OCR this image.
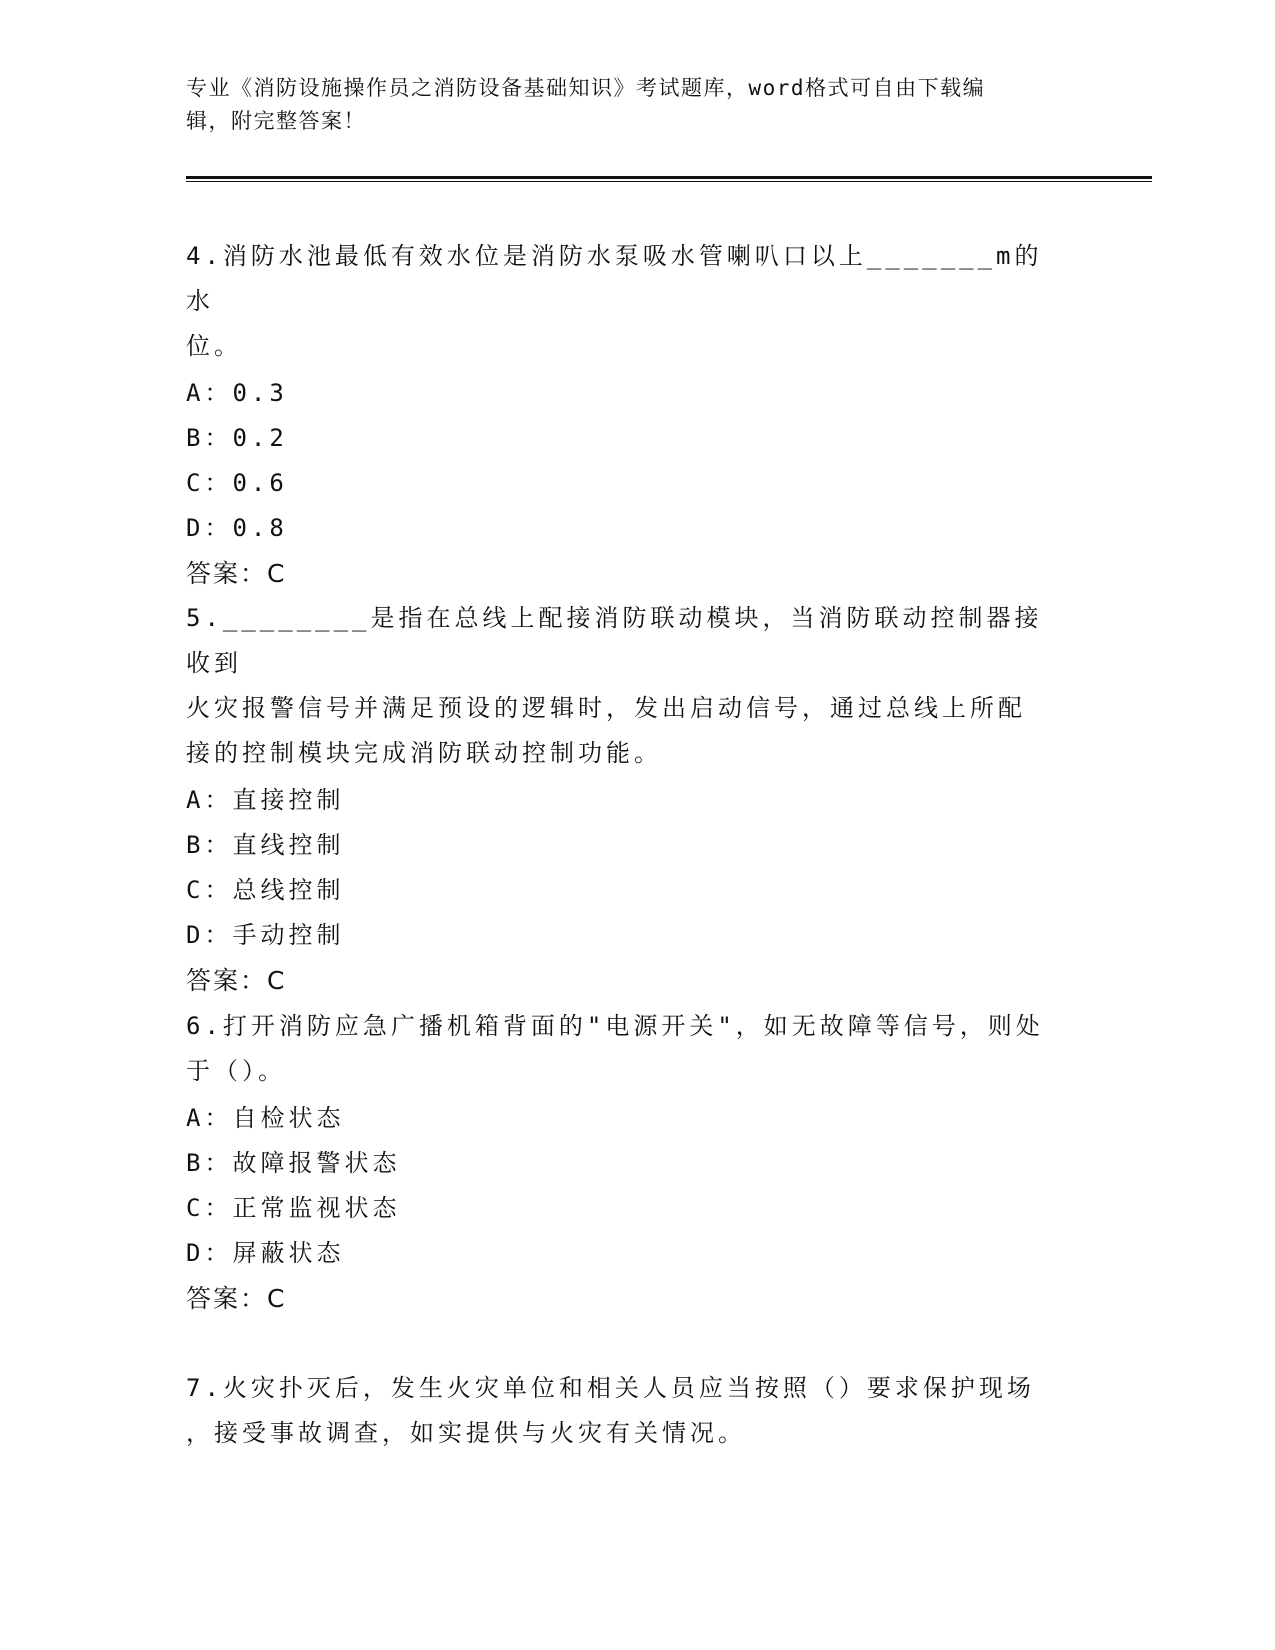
专业《消防设施操作员之消防设备基础知识》考试题库，word格式可自由下载编
辑，附完整答案！

4.消防水池最低有效水位是消防水泵吸水管喇叭口以上_______m的水
位。

A：0.3

B：0.2

C：0.6

D：0.8

答案：C

5.________是指在总线上配接消防联动模块，当消防联动控制器接收到
火灾报警信号并满足预设的逻辑时，发出启动信号，通过总线上所配
接的控制模块完成消防联动控制功能。

A：直接控制

B：直线控制

C：总线控制

D：手动控制

答案：C

6.打开消防应急广播机箱背面的"电源开关"，如无故障等信号，则处
于（）。

A：自检状态

B：故障报警状态

C：正常监视状态

D：屏蔽状态

答案：C

7.火灾扑灭后，发生火灾单位和相关人员应当按照（）要求保护现场
，接受事故调查，如实提供与火灾有关情况。
